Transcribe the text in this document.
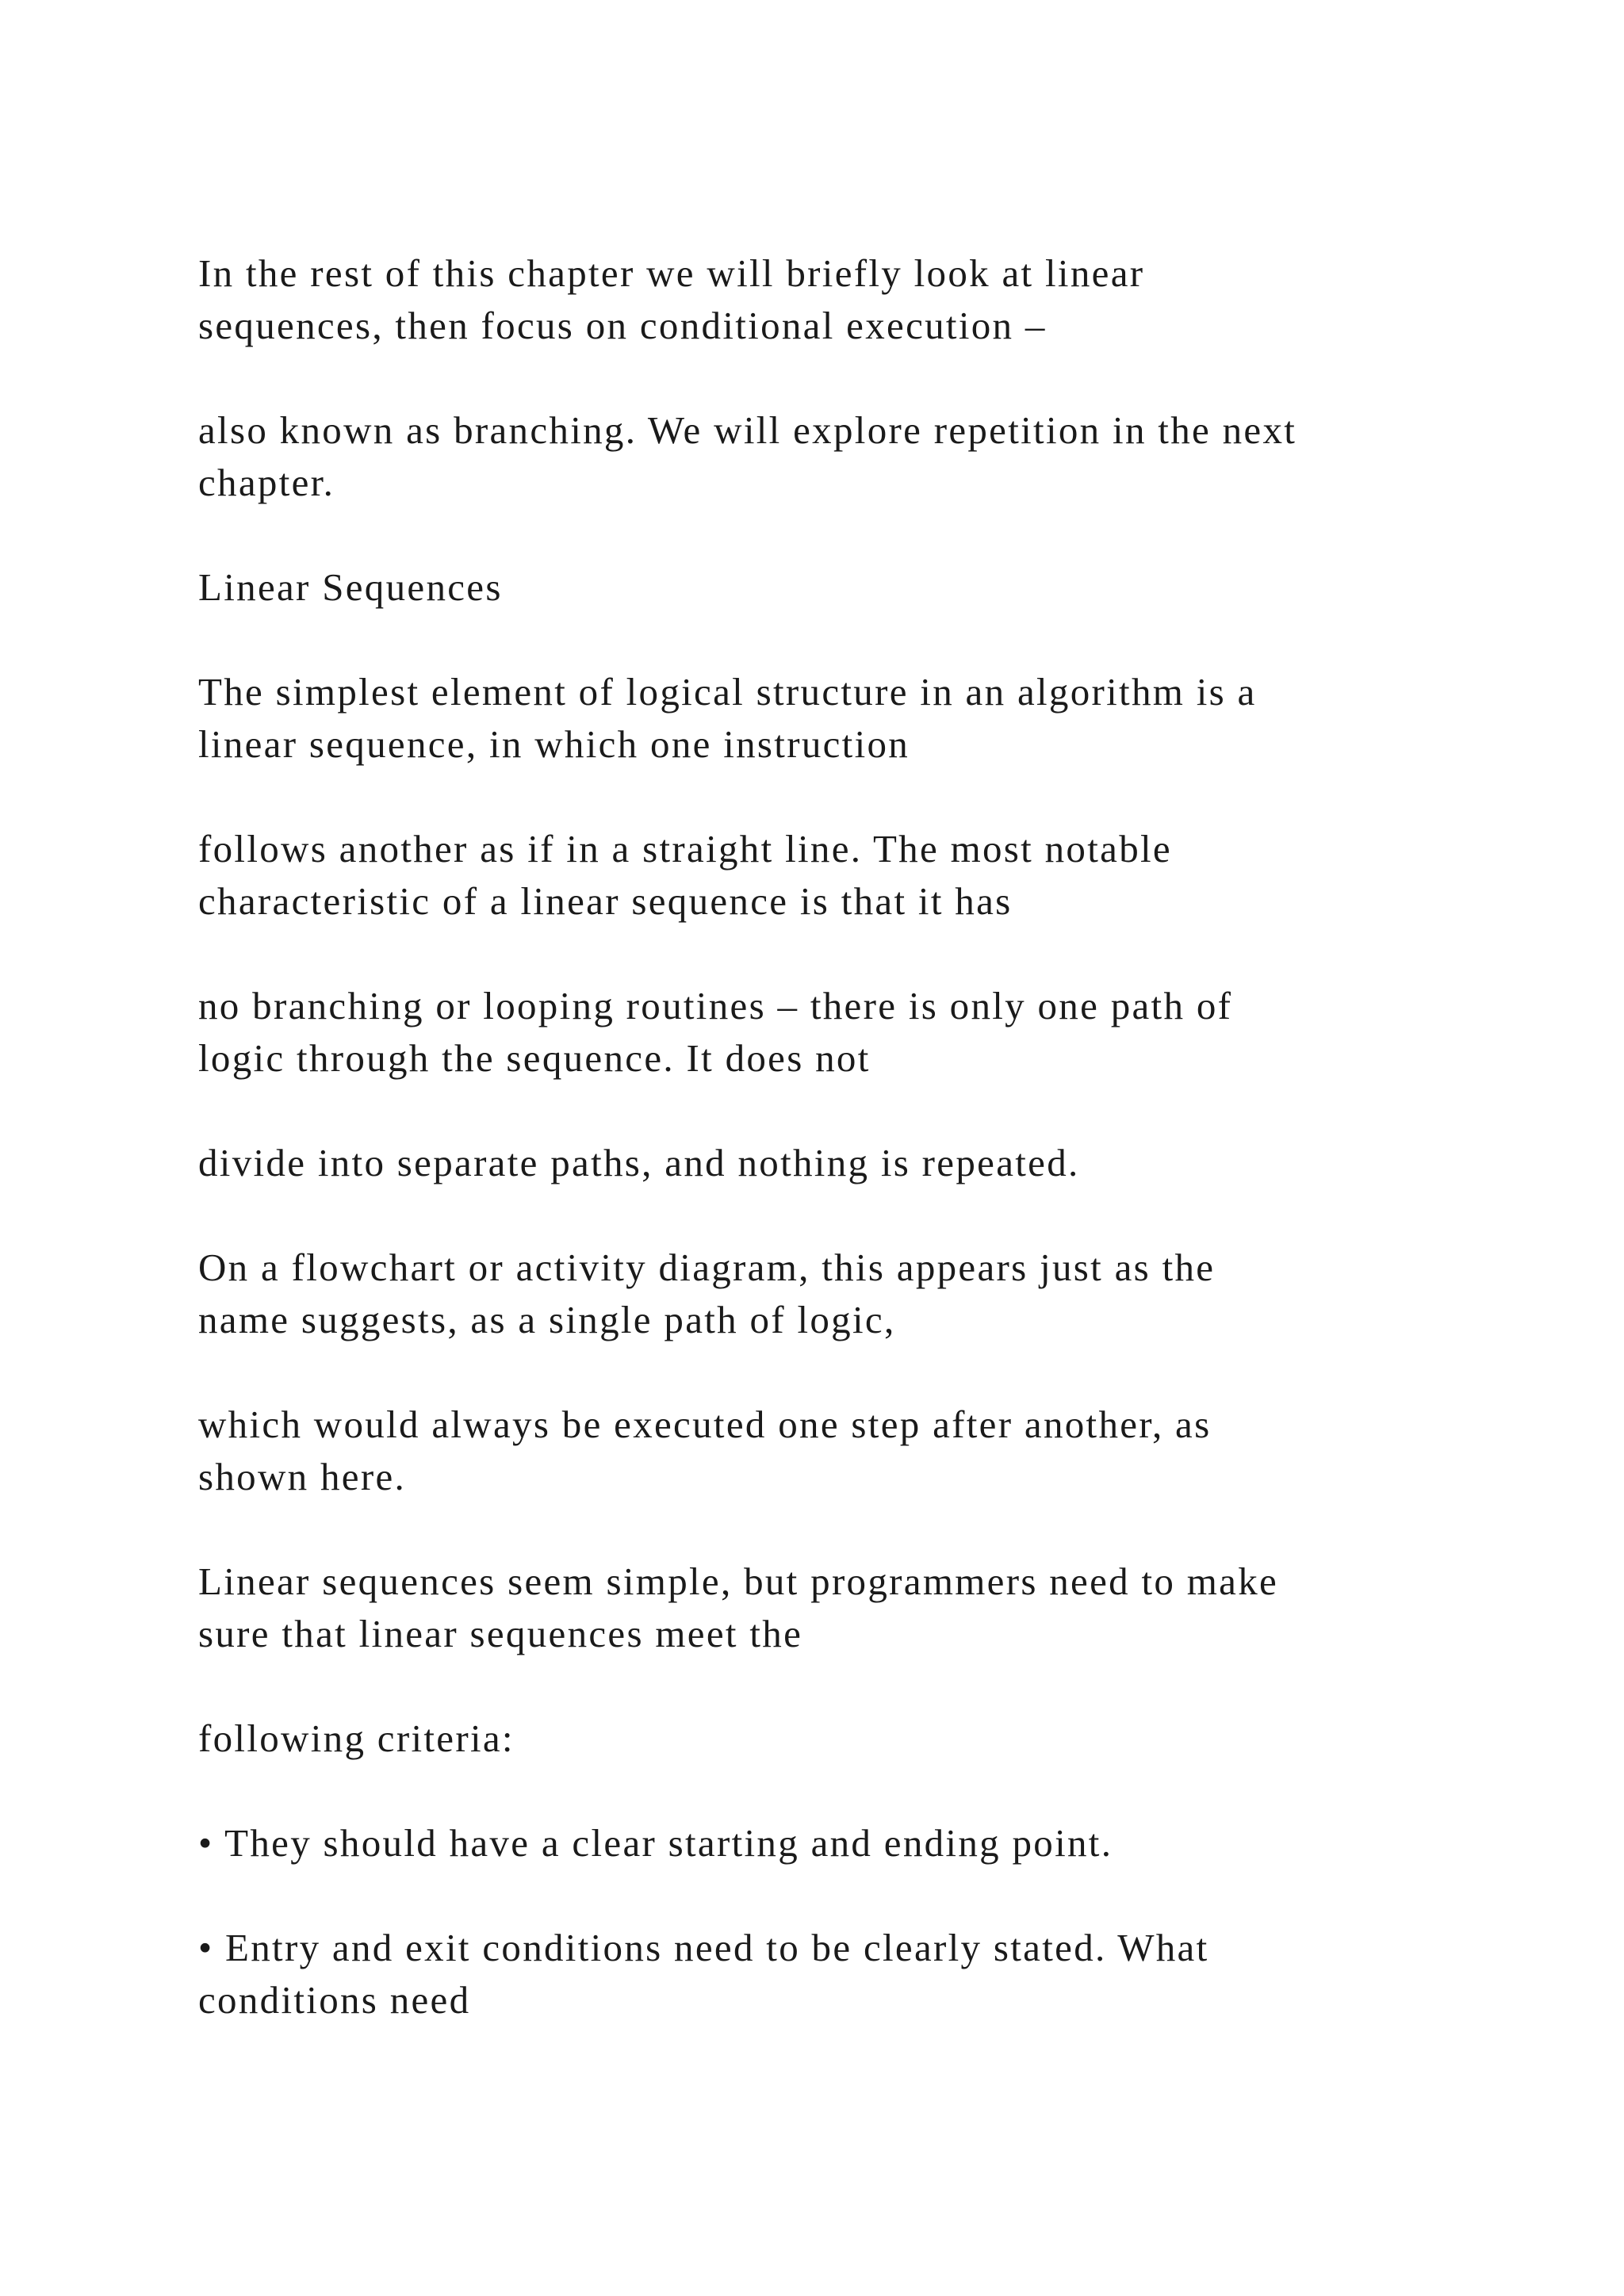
In the rest of this chapter we will briefly look at linear
sequences, then focus on conditional execution –

also known as branching. We will explore repetition in the next
chapter.

Linear Sequences

The simplest element of logical structure in an algorithm is a
linear sequence, in which one instruction

follows another as if in a straight line. The most notable
characteristic of a linear sequence is that it has

no branching or looping routines – there is only one path of
logic through the sequence. It does not

divide into separate paths, and nothing is repeated.

On a flowchart or activity diagram, this appears just as the
name suggests, as a single path of logic,

which would always be executed one step after another, as
shown here.

Linear sequences seem simple, but programmers need to make
sure that linear sequences meet the

following criteria:

• They should have a clear starting and ending point.

• Entry and exit conditions need to be clearly stated. What
conditions need
